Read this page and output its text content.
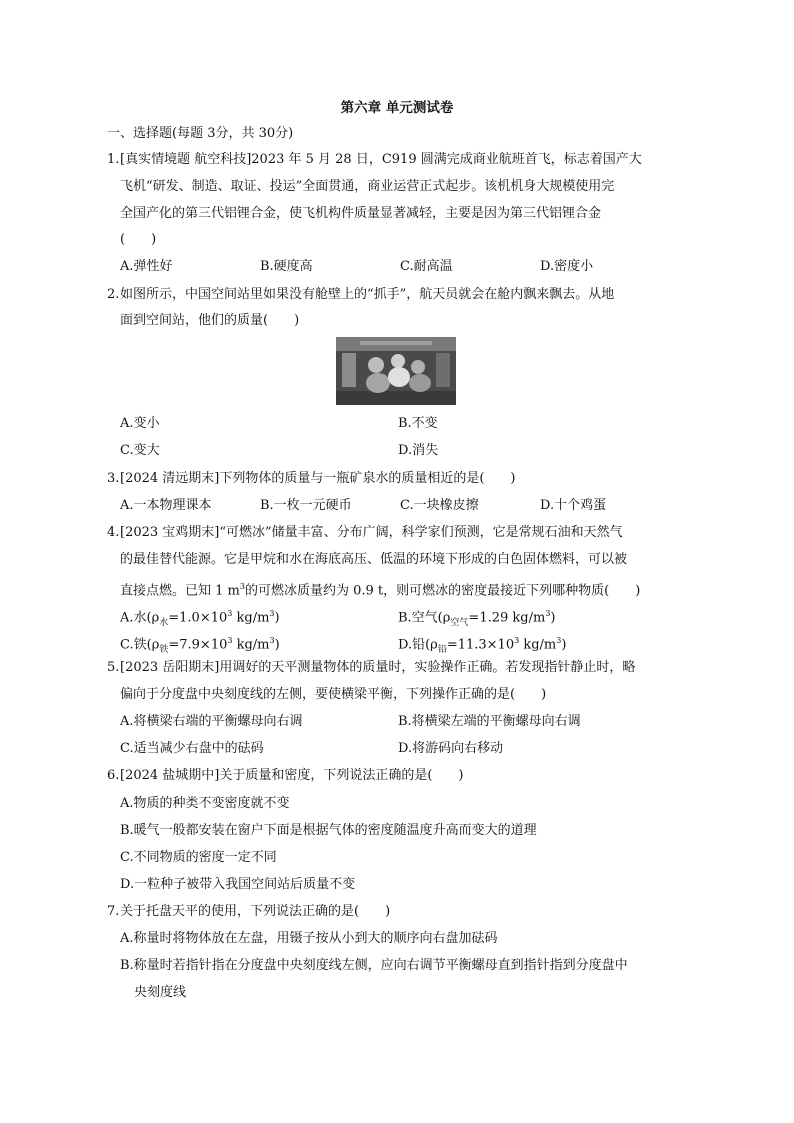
第六章 单元测试卷
一、选择题(每题 3分，共 30分)
1. [真实情境题 航空科技]2023 年 5 月 28 日，C919 圆满完成商业航班首飞，标志着国产大
飞机“研发、制造、取证、投运”全面贯通，商业运营正式起步。该机机身大规模使用完
全国产化的第三代铝锂合金，使飞机构件质量显著减轻，主要是因为第三代铝锂合金
(　　)
A.弹性好	B.硬度高	C.耐高温	D.密度小
2. 如图所示，中国空间站里如果没有舱壁上的“抓手”，航天员就会在舱内飘来飘去。从地
面到空间站，他们的质量(　　)
A.变小	B.不变
C.变大	D.消失
3. [2024 清远期末]下列物体的质量与一瓶矿泉水的质量相近的是(　　)
A.一本物理课本	B.一枚一元硬币	C.一块橡皮擦	D.十个鸡蛋
4. [2023 宝鸡期末]“可燃冰”储量丰富、分布广阔，科学家们预测，它是常规石油和天然气
的最佳替代能源。它是甲烷和水在海底高压、低温的环境下形成的白色固体燃料，可以被
直接点燃。已知 1 $m^3$的可燃冰质量约为 0.9 t，则可燃冰的密度最接近下列哪种物质(　　)
A.水($\rho_水=1.0\times 10^3$ $kg/m^3$)	B.空气($\rho_{空气}=1.29$ $kg/m^3$)
C.铁($\rho_铁=7.9\times 10^3$ $kg/m^3$)	D.铅($\rho_铅=11.3\times 10^3$ $kg/m^3$)
5. [2023 岳阳期末]用调好的天平测量物体的质量时，实验操作正确。若发现指针静止时，略
偏向于分度盘中央刻度线的左侧，要使横梁平衡，下列操作正确的是(　　)
A.将横梁右端的平衡螺母向右调	B.将横梁左端的平衡螺母向右调
C.适当减少右盘中的砝码	D.将游码向右移动
6. [2024 盐城期中]关于质量和密度，下列说法正确的是(　　)
A.物质的种类不变密度就不变
B.暖气一般都安装在窗户下面是根据气体的密度随温度升高而变大的道理
C.不同物质的密度一定不同
D.一粒种子被带入我国空间站后质量不变
7. 关于托盘天平的使用，下列说法正确的是(　　)
A.称量时将物体放在左盘，用镊子按从小到大的顺序向右盘加砝码
B.称量时若指针指在分度盘中央刻度线左侧，应向右调节平衡螺母直到指针指到分度盘中
央刻度线
